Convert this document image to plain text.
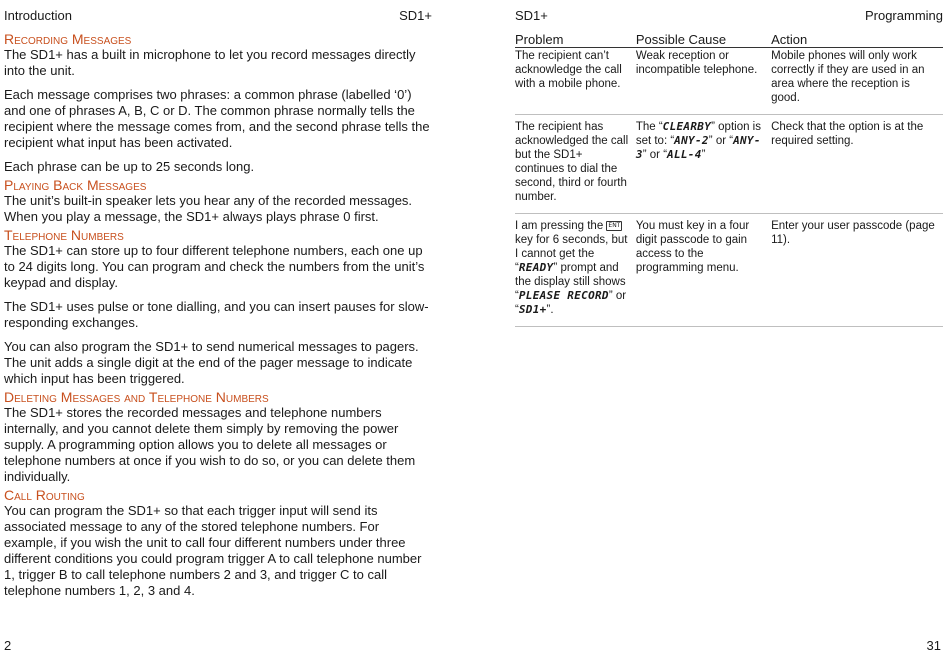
Introduction	SD1+
Recording Messages

The SD1+ has a built in microphone to let you record messages directly into the unit.

Each message comprises two phrases: a common phrase (labelled ‘0’) and one of phrases A, B, C or D. The common phrase normally tells the recipient where the message comes from, and the second phrase tells the recipient what input has been activated.

Each phrase can be up to 25 seconds long.

Playing Back Messages

The unit’s built-in speaker lets you hear any of the recorded messages. When you play a message, the SD1+ always plays phrase 0 first.

Telephone Numbers

The SD1+ can store up to four different telephone numbers, each one up to 24 digits long. You can program and check the numbers from the unit’s keypad and display.

The SD1+ uses pulse or tone dialling, and you can insert pauses for slow-responding exchanges.

You can also program the SD1+ to send numerical messages to pagers. The unit adds a single digit at the end of the pager message to indicate which input has been triggered.

Deleting Messages and Telephone Numbers

The SD1+ stores the recorded messages and telephone numbers internally, and you cannot delete them simply by removing the power supply. A programming option allows you to delete all messages or telephone numbers at once if you wish to do so, or you can delete them individually.

Call Routing

You can program the SD1+ so that each trigger input will send its associated message to any of the stored telephone numbers. For example, if you wish the unit to call four different numbers under three different conditions you could program trigger A to call telephone number 1, trigger B to call telephone numbers 2 and 3, and trigger C to call telephone numbers 1, 2, 3 and 4.

2
SD1+	Programming
Problem	Possible Cause	Action
The recipient can’t acknowledge the call with a mobile phone.	Weak reception or incompatible telephone.	Mobile phones will only work correctly if they are used in an area where the reception is good.
The recipient has acknowledged the call but the SD1+ continues to dial the second, third or fourth number.	The “CLEARBY” option is set to: “ANY-2” or “ANY-3” or “ALL-4”	Check that the option is at the required setting.
I am pressing the ENT key for 6 seconds, but I cannot get the “READY” prompt and the display still shows “PLEASE RECORD” or “SD1+”.	You must key in a four digit passcode to gain access to the programming menu.	Enter your user passcode (page 11).
31
